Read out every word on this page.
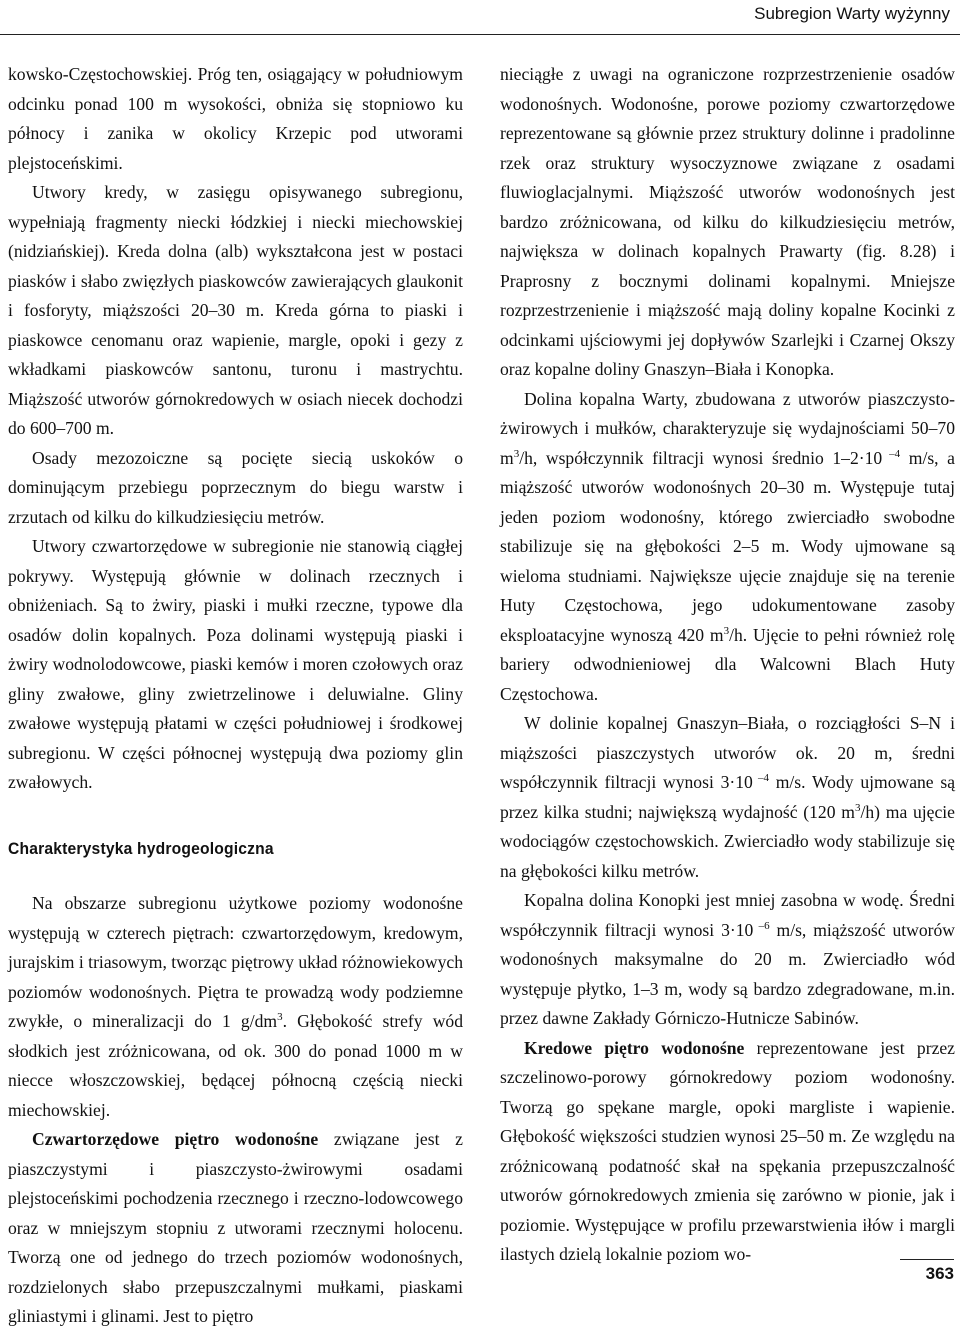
Subregion Warty wyżynny

kowsko-Częstochowskiej. Próg ten, osiągający w południowym odcinku ponad 100 m wysokości, obniża się stopniowo ku północy i zanika w okolicy Krzepic pod utworami plejstoceńskimi.

Utwory kredy, w zasięgu opisywanego subregionu, wypełniają fragmenty niecki łódzkiej i niecki miechowskiej (nidziańskiej). Kreda dolna (alb) wykształcona jest w postaci piasków i słabo zwięzłych piaskowców zawierających glaukonit i fosforyty, miąższości 20–30 m. Kreda górna to piaski i piaskowce cenomanu oraz wapienie, margle, opoki i gezy z wkładkami piaskowców santonu, turonu i mastrychtu. Miąższość utworów górnokredowych w osiach niecek dochodzi do 600–700 m.

Osady mezozoiczne są pocięte siecią uskoków o dominującym przebiegu poprzecznym do biegu warstw i zrzutach od kilku do kilkudziesięciu metrów.

Utwory czwartorzędowe w subregionie nie stanowią ciągłej pokrywy. Występują głównie w dolinach rzecznych i obniżeniach. Są to żwiry, piaski i mułki rzeczne, typowe dla osadów dolin kopalnych. Poza dolinami występują piaski i żwiry wodnolodowcowe, piaski kemów i moren czołowych oraz gliny zwałowe, gliny zwietrzelinowe i deluwialne. Gliny zwałowe występują płatami w części południowej i środkowej subregionu. W części północnej występują dwa poziomy glin zwałowych.

Charakterystyka hydrogeologiczna

Na obszarze subregionu użytkowe poziomy wodonośne występują w czterech piętrach: czwartorzędowym, kredowym, jurajskim i triasowym, tworząc piętrowy układ różnowiekowych poziomów wodonośnych. Piętra te prowadzą wody podziemne zwykłe, o mineralizacji do 1 $g/dm^3$. Głębokość strefy wód słodkich jest zróżnicowana, od ok. 300 do ponad 1000 m w niecce włoszczowskiej, będącej północną częścią niecki miechowskiej.

Czwartorzędowe piętro wodonośne związane jest z piaszczystymi i piaszczysto-żwirowymi osadami plejstoceńskimi pochodzenia rzecznego i rzeczno-lodowcowego oraz w mniejszym stopniu z utworami rzecznymi holocenu. Tworzą one od jednego do trzech poziomów wodonośnych, rozdzielonych słabo przepuszczalnymi mułkami, piaskami gliniastymi i glinami. Jest to piętro

nieciągłe z uwagi na ograniczone rozprzestrzenienie osadów wodonośnych. Wodonośne, porowe poziomy czwartorzędowe reprezentowane są głównie przez struktury dolinne i pradolinne rzek oraz struktury wysoczyznowe związane z osadami fluwioglacjalnymi. Miąższość utworów wodonośnych jest bardzo zróżnicowana, od kilku do kilkudziesięciu metrów, największa w dolinach kopalnych Prawarty (fig. 8.28) i Praprosny z bocznymi dolinami kopalnymi. Mniejsze rozprzestrzenienie i miąższość mają doliny kopalne Kocinki z odcinkami ujściowymi jej dopływów Szarlejki i Czarnej Okszy oraz kopalne doliny Gnaszyn–Biała i Konopka.

Dolina kopalna Warty, zbudowana z utworów piaszczysto-żwirowych i mułków, charakteryzuje się wydajnościami 50–70 $m^3/h$, współczynnik filtracji wynosi średnio 1–2·10 $^{-4}$ m/s, a miąższość utworów wodonośnych 20–30 m. Występuje tutaj jeden poziom wodonośny, którego zwierciadło swobodne stabilizuje się na głębokości 2–5 m. Wody ujmowane są wieloma studniami. Największe ujęcie znajduje się na terenie Huty Częstochowa, jego udokumentowane zasoby eksploatacyjne wynoszą 420 $m^3/h$. Ujęcie to pełni również rolę bariery odwodnieniowej dla Walcowni Blach Huty Częstochowa.

W dolinie kopalnej Gnaszyn–Biała, o rozciągłości S–N i miąższości piaszczystych utworów ok. 20 m, średni współczynnik filtracji wynosi 3·10 $^{-4}$ m/s. Wody ujmowane są przez kilka studni; największą wydajność (120 $m^3/h$) ma ujęcie wodociągów częstochowskich. Zwierciadło wody stabilizuje się na głębokości kilku metrów.

Kopalna dolina Konopki jest mniej zasobna w wodę. Średni współczynnik filtracji wynosi 3·10 $^{-6}$ m/s, miąższość utworów wodonośnych maksymalne do 20 m. Zwierciadło wód występuje płytko, 1–3 m, wody są bardzo zdegradowane, m.in. przez dawne Zakłady Górniczo-Hutnicze Sabinów.

Kredowe piętro wodonośne reprezentowane jest przez szczelinowo-porowy górnokredowy poziom wodonośny. Tworzą go spękane margle, opoki margliste i wapienie. Głębokość większości studzien wynosi 25–50 m. Ze względu na zróżnicowaną podatność skał na spękania przepuszczalność utworów górnokredowych zmienia się zarówno w pionie, jak i poziomie. Występujące w profilu przewarstwienia iłów i margli ilastych dzielą lokalnie poziom wo-

363
